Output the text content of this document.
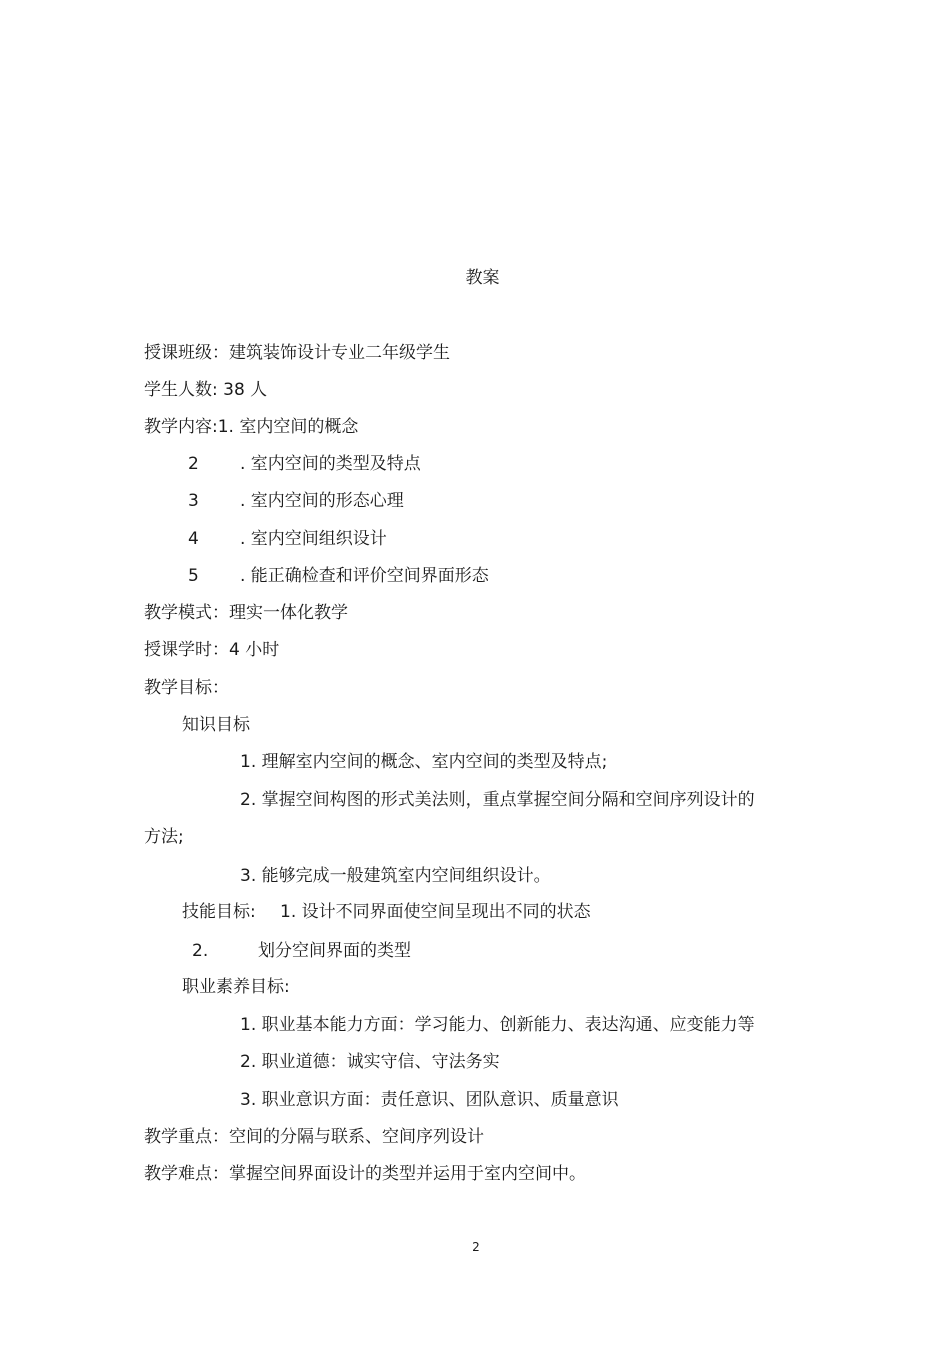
教案
授课班级：建筑装饰设计专业二年级学生
学生人数: 38 人
教学内容:1. 室内空间的概念
2 . 室内空间的类型及特点
3 . 室内空间的形态心理
4 . 室内空间组织设计
5 . 能正确检查和评价空间界面形态
教学模式：理实一体化教学
授课学时：4 小时
教学目标：
知识目标
1. 理解室内空间的概念、室内空间的类型及特点;
2. 掌握空间构图的形式美法则，重点掌握空间分隔和空间序列设计的
方法;
3. 能够完成一般建筑室内空间组织设计。
技能目标: 1. 设计不同界面使空间呈现出不同的状态
2.	划分空间界面的类型
职业素养目标:
1. 职业基本能力方面：学习能力、创新能力、表达沟通、应变能力等
2. 职业道德：诚实守信、守法务实
3. 职业意识方面：责任意识、团队意识、质量意识
教学重点：空间的分隔与联系、空间序列设计
教学难点：掌握空间界面设计的类型并运用于室内空间中。
2
